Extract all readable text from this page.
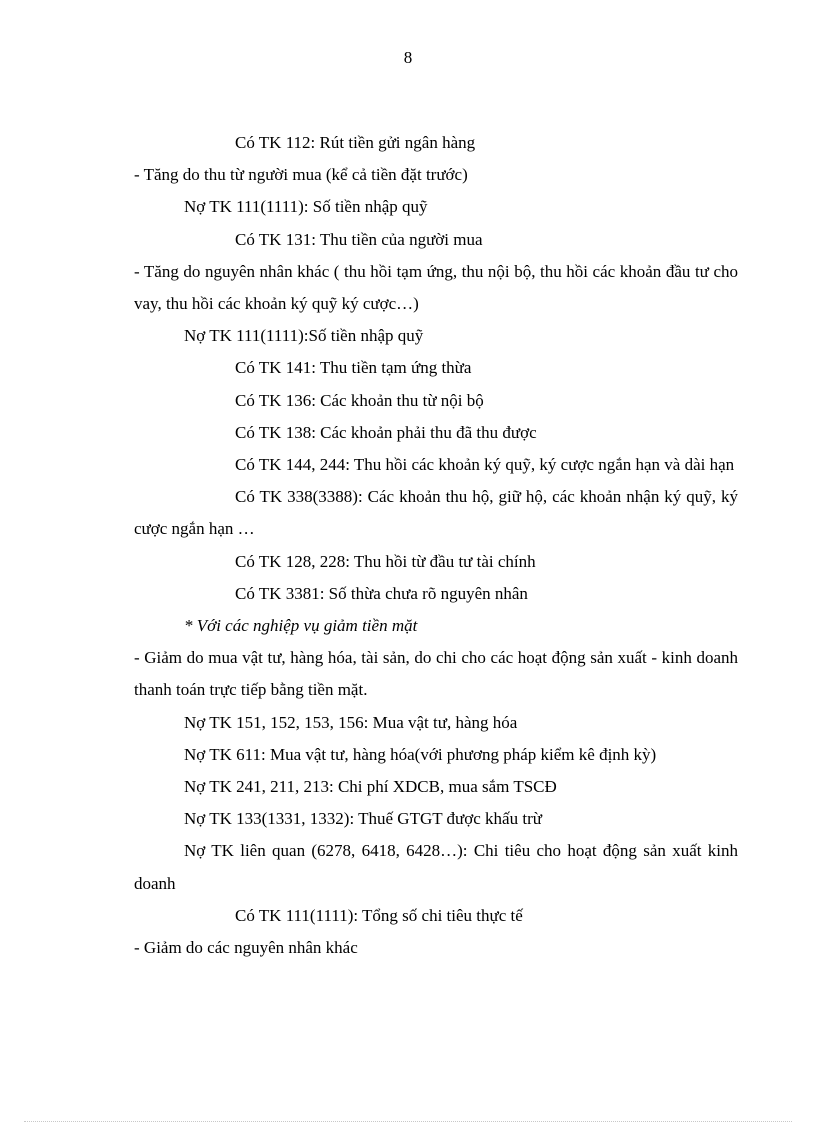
8

Có TK 112: Rút tiền gửi ngân hàng

- Tăng do thu từ người mua (kể cả tiền đặt trước)

Nợ TK 111(1111): Số tiền nhập quỹ

Có TK 131: Thu tiền của người mua

- Tăng do nguyên nhân khác ( thu hồi tạm ứng, thu nội bộ, thu hồi các khoản đầu tư cho vay, thu hồi các khoản ký quỹ ký cược…)

Nợ TK 111(1111):Số tiền nhập quỹ

Có TK 141: Thu tiền tạm ứng thừa

Có TK 136: Các khoản thu từ nội bộ

Có TK 138: Các khoản phải thu đã thu được

Có TK 144, 244: Thu hồi các khoản ký quỹ, ký cược ngắn hạn và dài hạn

Có TK 338(3388): Các khoản thu hộ, giữ hộ, các khoản nhận ký quỹ, ký cược ngắn hạn …

Có TK 128, 228: Thu hồi từ đầu tư tài chính

Có TK 3381: Số thừa chưa rõ nguyên nhân

* Với các nghiệp vụ giảm tiền mặt

- Giảm do mua vật tư, hàng hóa, tài sản, do chi cho các hoạt động sản xuất - kinh doanh thanh toán trực tiếp bằng tiền mặt.

Nợ TK 151, 152, 153, 156: Mua vật tư, hàng hóa

Nợ TK 611: Mua vật tư, hàng hóa(với phương pháp kiểm kê định kỳ)

Nợ TK 241, 211, 213: Chi phí XDCB, mua sắm TSCĐ

Nợ TK 133(1331, 1332): Thuế GTGT được khấu trừ

Nợ TK liên quan (6278, 6418, 6428…): Chi tiêu cho hoạt động sản xuất kinh doanh

Có TK 111(1111): Tổng số chi tiêu thực tế

- Giảm do các nguyên nhân khác
